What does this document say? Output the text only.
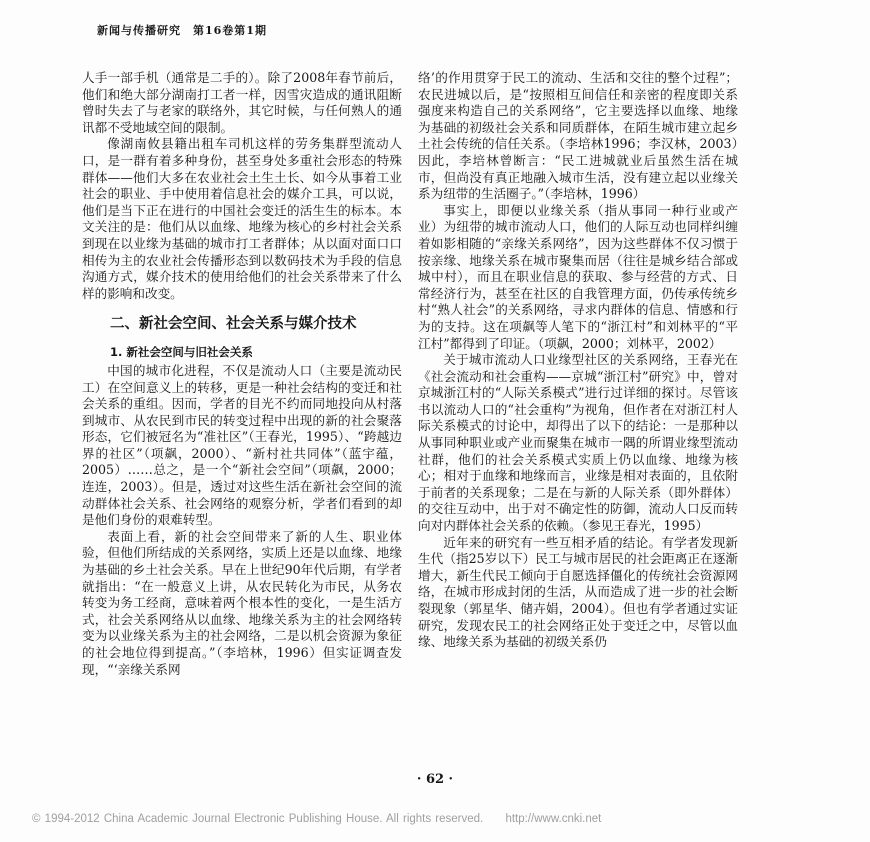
新闻与传播研究　第16卷第1期

人手一部手机（通常是二手的）。除了2008年春节前后，他们和绝大部分湖南打工者一样，因雪灾造成的通讯阻断曾时失去了与老家的联络外，其它时候，与任何熟人的通讯都不受地域空间的限制。

像湖南攸县籍出租车司机这样的劳务集群型流动人口，是一群有着多种身份，甚至身处多重社会形态的特殊群体——他们大多在农业社会土生土长、如今从事着工业社会的职业、手中使用着信息社会的媒介工具，可以说，他们是当下正在进行的中国社会变迁的活生生的标本。本文关注的是：他们从以血缘、地缘为核心的乡村社会关系到现在以业缘为基础的城市打工者群体；从以面对面口口相传为主的农业社会传播形态到以数码技术为手段的信息沟通方式，媒介技术的使用给他们的社会关系带来了什么样的影响和改变。

二、新社会空间、社会关系与媒介技术
1. 新社会空间与旧社会关系

中国的城市化进程，不仅是流动人口（主要是流动民工）在空间意义上的转移，更是一种社会结构的变迁和社会关系的重组。因而，学者的目光不约而同地投向从村落到城市、从农民到市民的转变过程中出现的新的社会聚落形态，它们被冠名为“准社区”（王春光，1995）、“跨越边界的社区”（项飙，2000）、“新村社共同体”（蓝宇蕴，2005）……总之，是一个“新社会空间”（项飙，2000；连连，2003）。但是，透过对这些生活在新社会空间的流动群体社会关系、社会网络的观察分析，学者们看到的却是他们身份的艰难转型。

表面上看，新的社会空间带来了新的人生、职业体验，但他们所结成的关系网络，实质上还是以血缘、地缘为基础的乡土社会关系。早在上世纪90年代后期，有学者就指出：“在一般意义上讲，从农民转化为市民，从务农转变为务工经商，意味着两个根本性的变化，一是生活方式，社会关系网络从以血缘、地缘关系为主的社会网络转变为以业缘关系为主的社会网络，二是以机会资源为象征的社会地位得到提高。”（李培林，1996）但实证调查发现，“‘亲缘关系网

络’的作用贯穿于民工的流动、生活和交往的整个过程”；农民进城以后，是“按照相互间信任和亲密的程度即关系强度来构造自己的关系网络”，它主要选择以血缘、地缘为基础的初级社会关系和同质群体，在陌生城市建立起乡土社会传统的信任关系。（李培林1996；李汉林，2003）因此，李培林曾断言：“民工进城就业后虽然生活在城市，但尚没有真正地融入城市生活，没有建立起以业缘关系为纽带的生活圈子。”（李培林，1996）

事实上，即便以业缘关系（指从事同一种行业或产业）为纽带的城市流动人口，他们的人际互动也同样纠缠着如影相随的“亲缘关系网络”，因为这些群体不仅习惯于按亲缘、地缘关系在城市聚集而居（往往是城乡结合部或城中村），而且在职业信息的获取、参与经营的方式、日常经济行为，甚至在社区的自我管理方面，仍传承传统乡村“熟人社会”的关系网络，寻求内群体的信息、情感和行为的支持。这在项飙等人笔下的“浙江村”和刘林平的“平江村”都得到了印证。（项飙，2000；刘林平，2002）

关于城市流动人口业缘型社区的关系网络，王春光在《社会流动和社会重构——京城“浙江村”研究》中，曾对京城浙江村的“人际关系模式”进行过详细的探讨。尽管该书以流动人口的“社会重构”为视角，但作者在对浙江村人际关系模式的讨论中，却得出了以下的结论：一是那种以从事同种职业或产业而聚集在城市一隅的所谓业缘型流动社群，他们的社会关系模式实质上仍以血缘、地缘为核心；相对于血缘和地缘而言，业缘是相对表面的，且依附于前者的关系现象；二是在与新的人际关系（即外群体）的交往互动中，出于对不确定性的防御，流动人口反而转向对内群体社会关系的依赖。（参见王春光，1995）

近年来的研究有一些互相矛盾的结论。有学者发现新生代（指25岁以下）民工与城市居民的社会距离正在逐渐增大，新生代民工倾向于自愿选择僵化的传统社会资源网络，在城市形成封闭的生活，从而造成了进一步的社会断裂现象（郭星华、储卉娟，2004）。但也有学者通过实证研究，发现农民工的社会网络正处于变迁之中，尽管以血缘、地缘关系为基础的初级关系仍

· 62 ·
© 1994-2012 China Academic Journal Electronic Publishing House. All rights reserved. http://www.cnki.net
